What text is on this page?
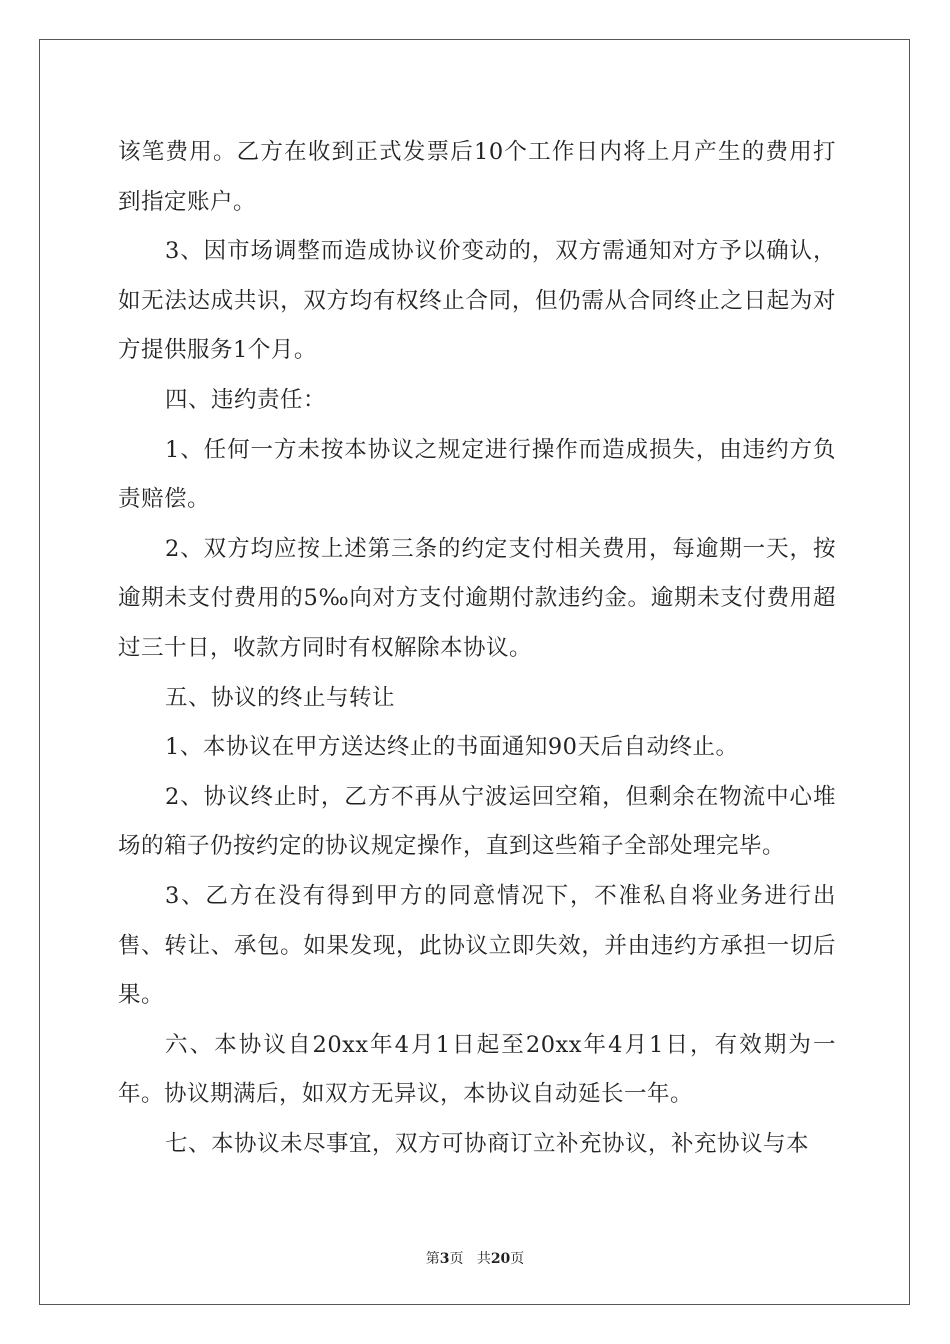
该笔费用。乙方在收到正式发票后10个工作日内将上月产生的费用打到指定账户。

3、因市场调整而造成协议价变动的，双方需通知对方予以确认，如无法达成共识，双方均有权终止合同，但仍需从合同终止之日起为对方提供服务1个月。

四、违约责任：

1、任何一方未按本协议之规定进行操作而造成损失，由违约方负责赔偿。

2、双方均应按上述第三条的约定支付相关费用，每逾期一天，按逾期未支付费用的5‰向对方支付逾期付款违约金。逾期未支付费用超过三十日，收款方同时有权解除本协议。

五、协议的终止与转让

1、本协议在甲方送达终止的书面通知90天后自动终止。

2、协议终止时，乙方不再从宁波运回空箱，但剩余在物流中心堆场的箱子仍按约定的协议规定操作，直到这些箱子全部处理完毕。

3、乙方在没有得到甲方的同意情况下，不准私自将业务进行出售、转让、承包。如果发现，此协议立即失效，并由违约方承担一切后果。

六、本协议自20xx年4月1日起至20xx年4月1日，有效期为一年。协议期满后，如双方无异议，本协议自动延长一年。

七、本协议未尽事宜，双方可协商订立补充协议，补充协议与本

第3页 共20页
